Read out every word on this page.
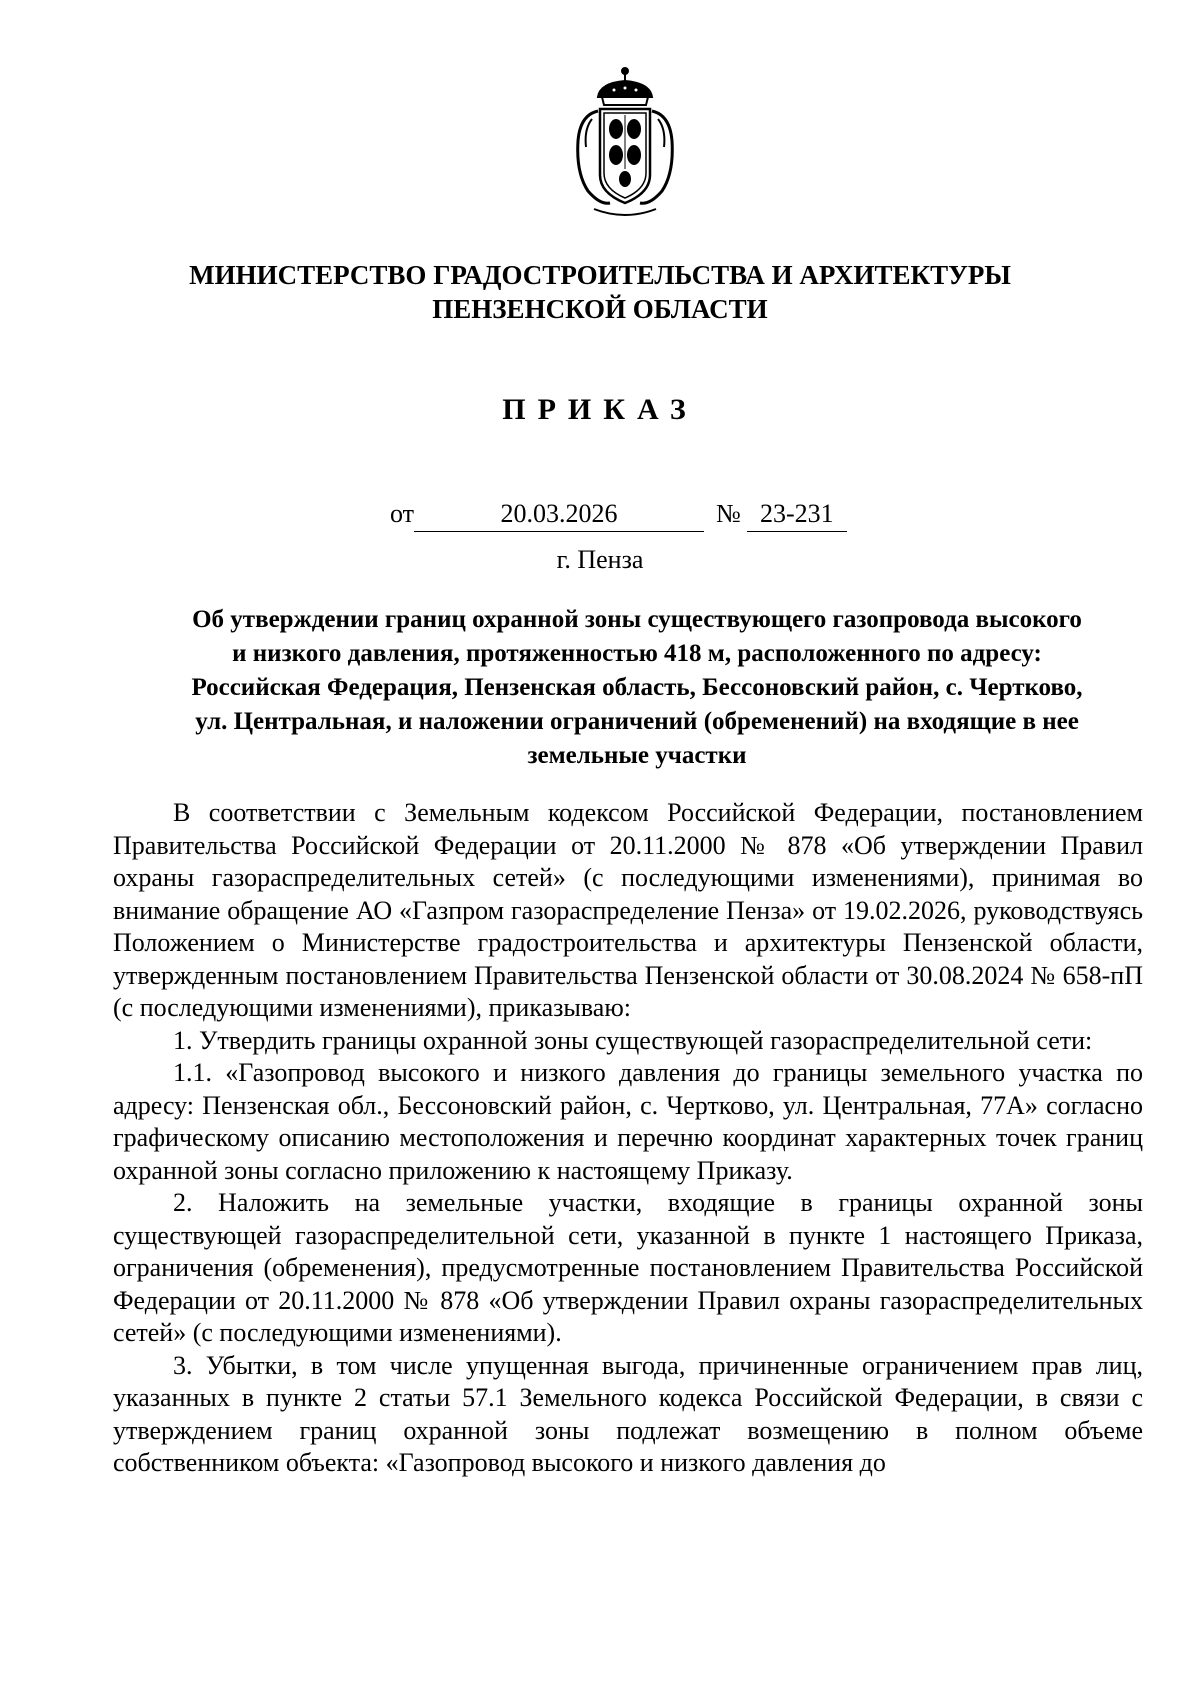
МИНИСТЕРСТВО ГРАДОСТРОИТЕЛЬСТВА И АРХИТЕКТУРЫ
ПЕНЗЕНСКОЙ ОБЛАСТИ
ПРИКАЗ
от	20.03.2026	№ 23-231
г. Пенза
Об утверждении границ охранной зоны существующего газопровода высокого
и низкого давления, протяженностью 418 м, расположенного по адресу:
Российская Федерация, Пензенская область, Бессоновский район, с. Чертково,
ул. Центральная, и наложении ограничений (обременений) на входящие в нее
земельные участки

В соответствии с Земельным кодексом Российской Федерации, постановлением Правительства Российской Федерации от 20.11.2000 № 878 «Об утверждении Правил охраны газораспределительных сетей» (с последующими изменениями), принимая во внимание обращение АО «Газпром газораспределение Пенза» от 19.02.2026, руководствуясь Положением о Министерстве градостроительства и архитектуры Пензенской области, утвержденным постановлением Правительства Пензенской области от 30.08.2024 № 658-пП (с последующими изменениями), приказываю:

1. Утвердить границы охранной зоны существующей газораспределительной сети:

1.1. «Газопровод высокого и низкого давления до границы земельного участка по адресу: Пензенская обл., Бессоновский район, с. Чертково, ул. Центральная, 77А» согласно графическому описанию местоположения и перечню координат характерных точек границ охранной зоны согласно приложению к настоящему Приказу.

2. Наложить на земельные участки, входящие в границы охранной зоны существующей газораспределительной сети, указанной в пункте 1 настоящего Приказа, ограничения (обременения), предусмотренные постановлением Правительства Российской Федерации от 20.11.2000 № 878 «Об утверждении Правил охраны газораспределительных сетей» (с последующими изменениями).

3. Убытки, в том числе упущенная выгода, причиненные ограничением прав лиц, указанных в пункте 2 статьи 57.1 Земельного кодекса Российской Федерации, в связи с утверждением границ охранной зоны подлежат возмещению в полном объеме собственником объекта: «Газопровод высокого и низкого давления до
